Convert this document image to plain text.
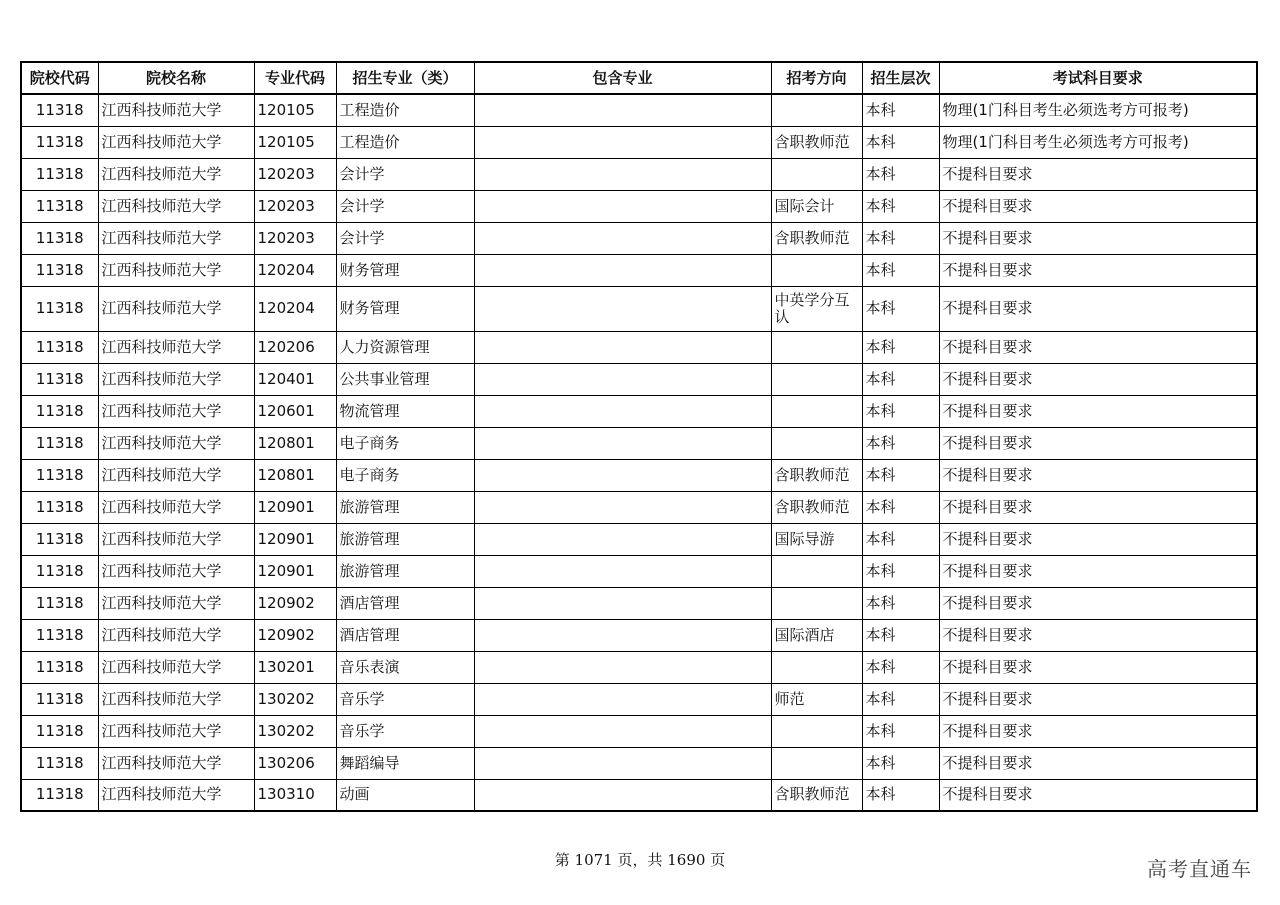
院校代码	院校名称	专业代码	招生专业（类）	包含专业	招考方向	招生层次	考试科目要求
11318	江西科技师范大学	120105	工程造价			本科	物理(1门科目考生必须选考方可报考)
11318	江西科技师范大学	120105	工程造价		含职教师范	本科	物理(1门科目考生必须选考方可报考)
11318	江西科技师范大学	120203	会计学			本科	不提科目要求
11318	江西科技师范大学	120203	会计学		国际会计	本科	不提科目要求
11318	江西科技师范大学	120203	会计学		含职教师范	本科	不提科目要求
11318	江西科技师范大学	120204	财务管理			本科	不提科目要求
11318	江西科技师范大学	120204	财务管理		中英学分互认	本科	不提科目要求
11318	江西科技师范大学	120206	人力资源管理			本科	不提科目要求
11318	江西科技师范大学	120401	公共事业管理			本科	不提科目要求
11318	江西科技师范大学	120601	物流管理			本科	不提科目要求
11318	江西科技师范大学	120801	电子商务			本科	不提科目要求
11318	江西科技师范大学	120801	电子商务		含职教师范	本科	不提科目要求
11318	江西科技师范大学	120901	旅游管理		含职教师范	本科	不提科目要求
11318	江西科技师范大学	120901	旅游管理		国际导游	本科	不提科目要求
11318	江西科技师范大学	120901	旅游管理			本科	不提科目要求
11318	江西科技师范大学	120902	酒店管理			本科	不提科目要求
11318	江西科技师范大学	120902	酒店管理		国际酒店	本科	不提科目要求
11318	江西科技师范大学	130201	音乐表演			本科	不提科目要求
11318	江西科技师范大学	130202	音乐学		师范	本科	不提科目要求
11318	江西科技师范大学	130202	音乐学			本科	不提科目要求
11318	江西科技师范大学	130206	舞蹈编导			本科	不提科目要求
11318	江西科技师范大学	130310	动画		含职教师范	本科	不提科目要求
第 1071 页，共 1690 页	高考直通车
